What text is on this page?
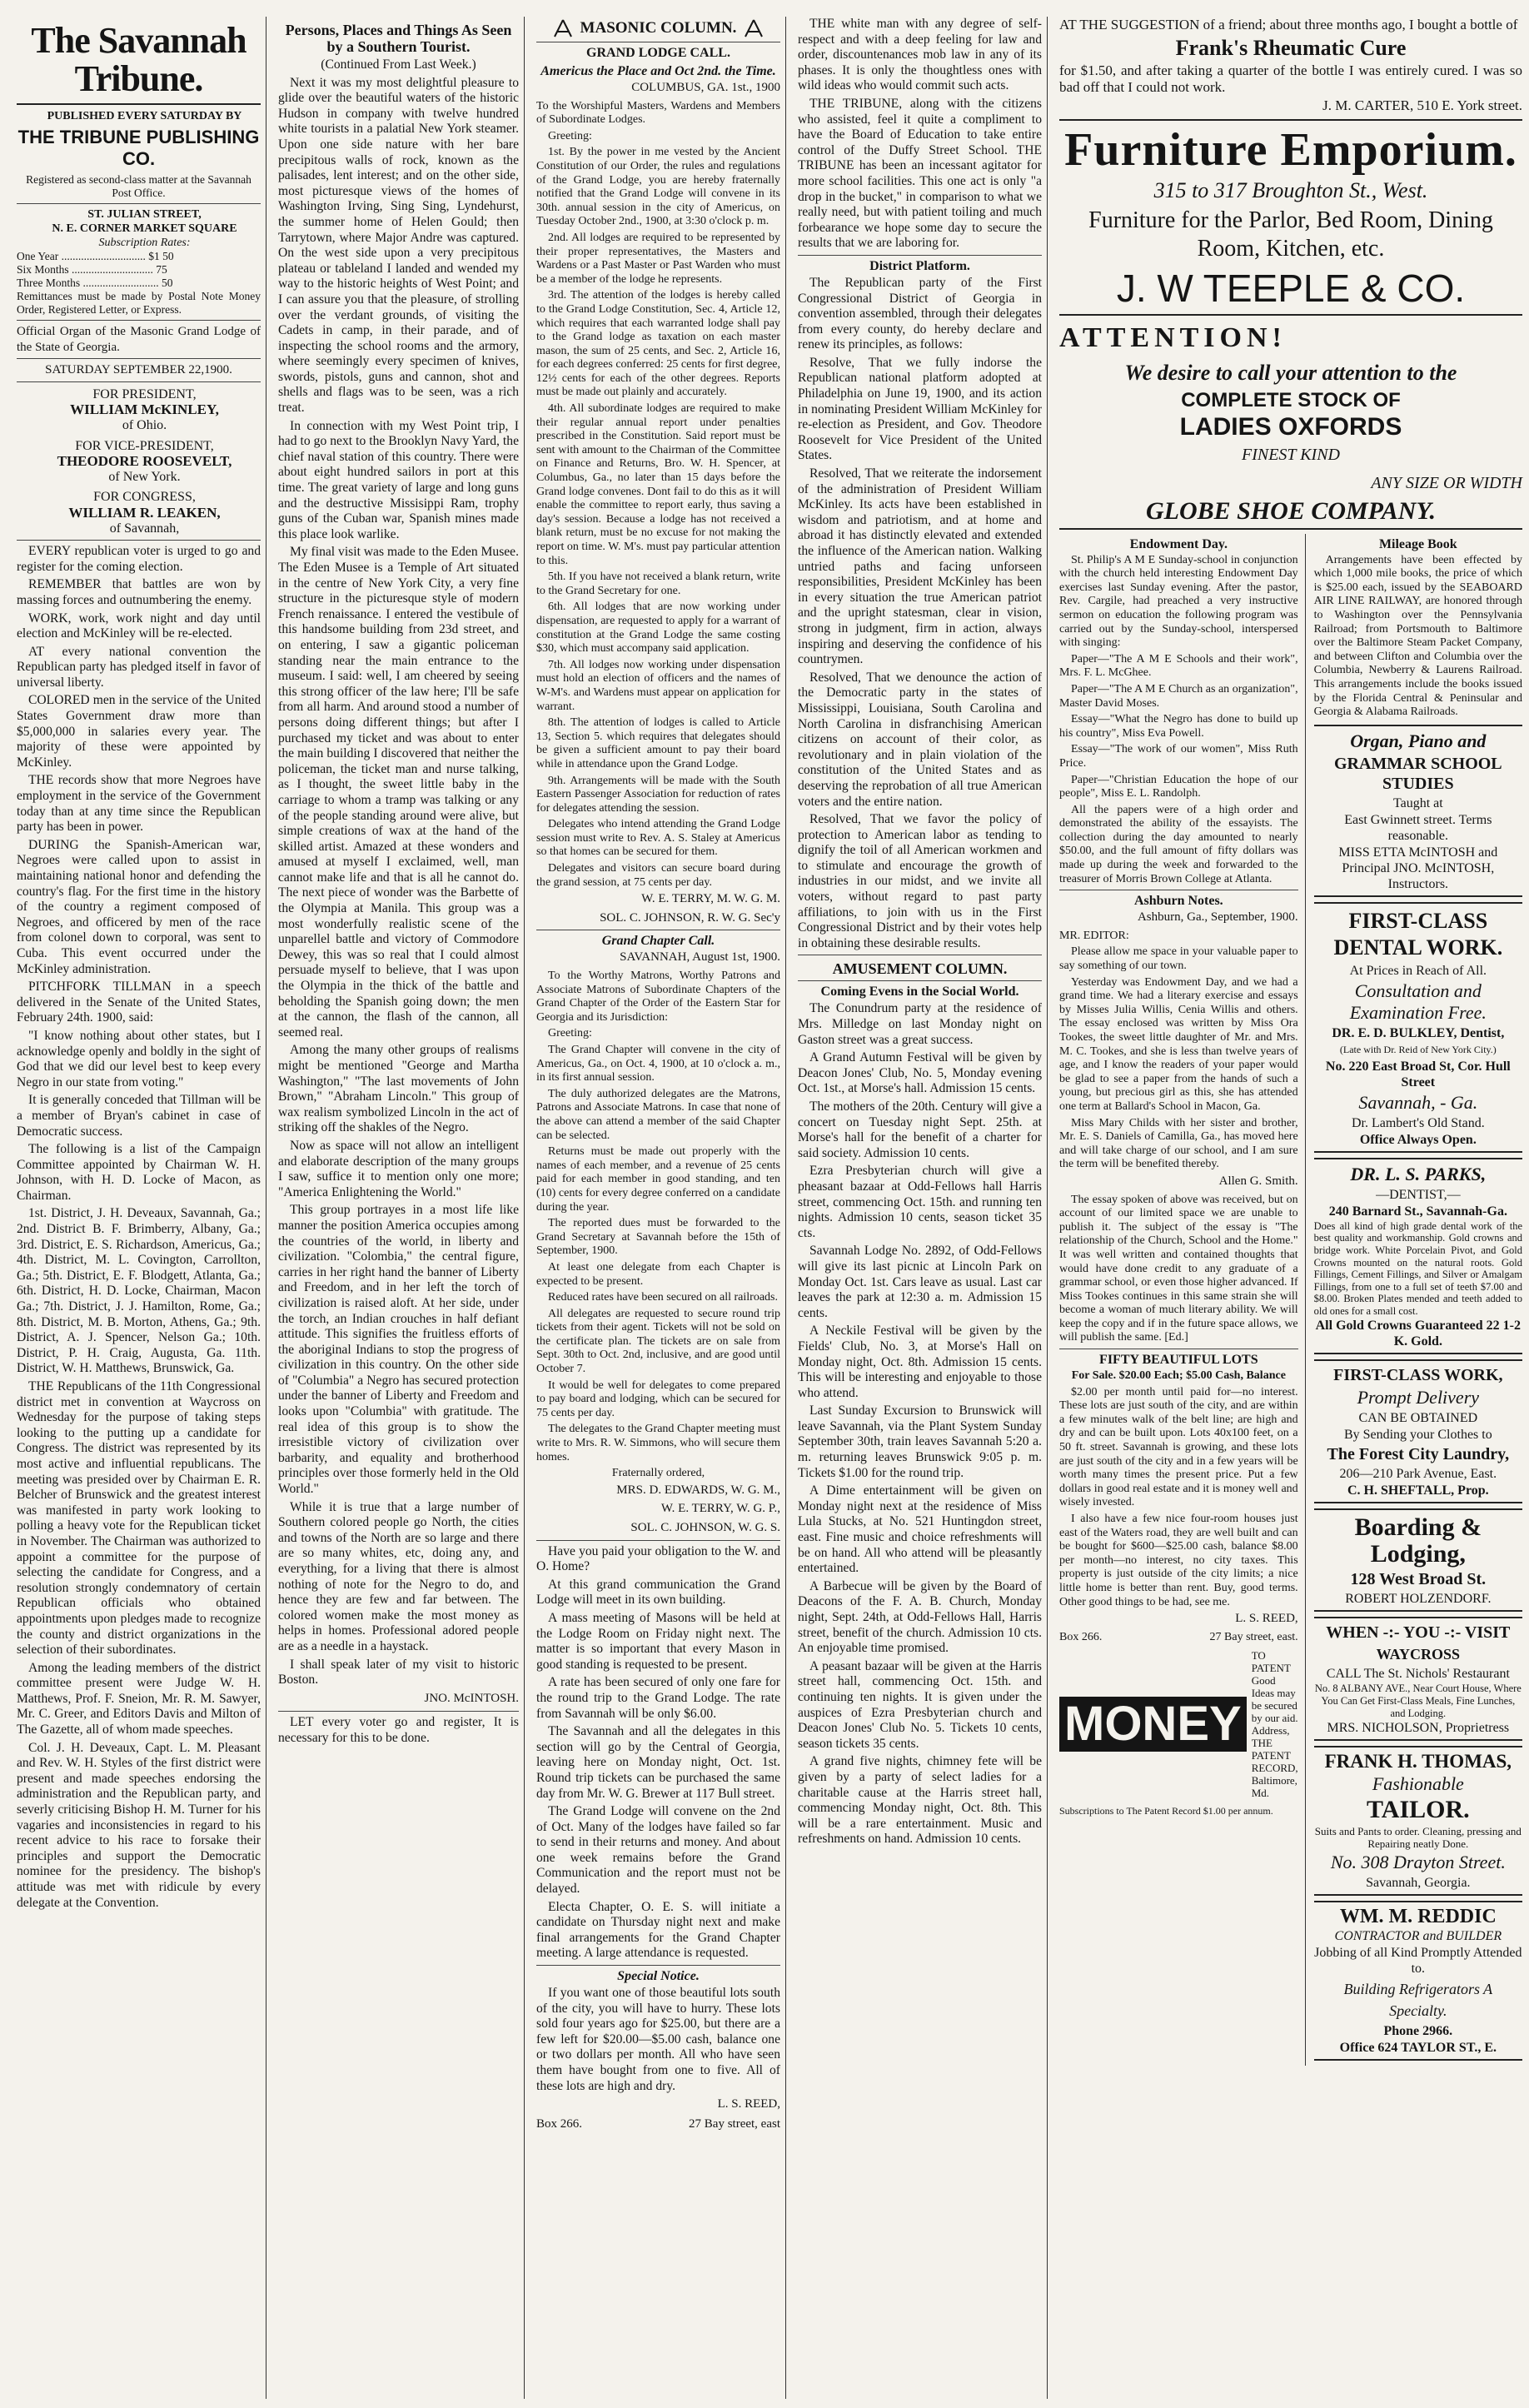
The Savannah Tribune.

PUBLISHED EVERY SATURDAY BY

THE TRIBUNE PUBLISHING CO.

Registered as second-class matter at the Savannah Post Office.

ST. JULIAN STREET,

N. E. CORNER MARKET SQUARE

Subscription Rates:

One Year .............................. $1 50

Six Months ............................. 75

Three Months ........................... 50

Remittances must be made by Postal Note Money Order, Registered Letter, or Express.

Official Organ of the Masonic Grand Lodge of the State of Georgia.

SATURDAY SEPTEMBER 22,1900.

FOR PRESIDENT,

WILLIAM McKINLEY,

of Ohio.

FOR VICE-PRESIDENT,

THEODORE ROOSEVELT,

of New York.

FOR CONGRESS,

WILLIAM R. LEAKEN,

of Savannah,

EVERY republican voter is urged to go and register for the coming election.

REMEMBER that battles are won by massing forces and outnumbering the enemy.

WORK, work, work night and day until election and McKinley will be re-elected.

AT every national convention the Republican party has pledged itself in favor of universal liberty.

COLORED men in the service of the United States Government draw more than $5,000,000 in salaries every year. The majority of these were appointed by McKinley.

THE records show that more Negroes have employment in the service of the Government today than at any time since the Republican party has been in power.

DURING the Spanish-American war, Negroes were called upon to assist in maintaining national honor and defending the country's flag. For the first time in the history of the country a regiment composed of Negroes, and officered by men of the race from colonel down to corporal, was sent to Cuba. This event occurred under the McKinley administration.

PITCHFORK TILLMAN in a speech delivered in the Senate of the United States, February 24th. 1900, said:

"I know nothing about other states, but I acknowledge openly and boldly in the sight of God that we did our level best to keep every Negro in our state from voting."

It is generally conceded that Tillman will be a member of Bryan's cabinet in case of Democratic success.

The following is a list of the Campaign Committee appointed by Chairman W. H. Johnson, with H. D. Locke of Macon, as Chairman.

1st. District, J. H. Deveaux, Savannah, Ga.; 2nd. District B. F. Brimberry, Albany, Ga.; 3rd. District, E. S. Richardson, Americus, Ga.; 4th. District, M. L. Covington, Carrollton, Ga.; 5th. District, E. F. Blodgett, Atlanta, Ga.; 6th. District, H. D. Locke, Chairman, Macon Ga.; 7th. District, J. J. Hamilton, Rome, Ga.; 8th. District, M. B. Morton, Athens, Ga.; 9th. District, A. J. Spencer, Nelson Ga.; 10th. District, P. H. Craig, Augusta, Ga. 11th. District, W. H. Matthews, Brunswick, Ga.

THE Republicans of the 11th Congressional district met in convention at Waycross on Wednesday for the purpose of taking steps looking to the putting up a candidate for Congress. The district was represented by its most active and influential republicans. The meeting was presided over by Chairman E. R. Belcher of Brunswick and the greatest interest was manifested in party work looking to polling a heavy vote for the Republican ticket in November. The Chairman was authorized to appoint a committee for the purpose of selecting the candidate for Congress, and a resolution strongly condemnatory of certain Republican officials who obtained appointments upon pledges made to recognize the county and district organizations in the selection of their subordinates.

Among the leading members of the district committee present were Judge W. H. Matthews, Prof. F. Sneion, Mr. R. M. Sawyer, Mr. C. Greer, and Editors Davis and Milton of The Gazette, all of whom made speeches.

Col. J. H. Deveaux, Capt. L. M. Pleasant and Rev. W. H. Styles of the first district were present and made speeches endorsing the administration and the Republican party, and severly criticising Bishop H. M. Turner for his vagaries and inconsistencies in regard to his recent advice to his race to forsake their principles and support the Democratic nominee for the presidency. The bishop's attitude was met with ridicule by every delegate at the Convention.

Persons, Places and Things As Seen by a Southern Tourist.

(Continued From Last Week.)

Next it was my most delightful pleasure to glide over the beautiful waters of the historic Hudson in company with twelve hundred white tourists in a palatial New York steamer. Upon one side nature with her bare precipitous walls of rock, known as the palisades, lent interest; and on the other side, most picturesque views of the homes of Washington Irving, Sing Sing, Lyndehurst, the summer home of Helen Gould; then Tarrytown, where Major Andre was captured. On the west side upon a very precipitous plateau or tableland I landed and wended my way to the historic heights of West Point; and I can assure you that the pleasure, of strolling over the verdant grounds, of visiting the Cadets in camp, in their parade, and of inspecting the school rooms and the armory, where seemingly every specimen of knives, swords, pistols, guns and cannon, shot and shells and flags was to be seen, was a rich treat.

In connection with my West Point trip, I had to go next to the Brooklyn Navy Yard, the chief naval station of this country. There were about eight hundred sailors in port at this time. The great variety of large and long guns and the destructive Missisippi Ram, trophy guns of the Cuban war, Spanish mines made this place look warlike.

My final visit was made to the Eden Musee. The Eden Musee is a Temple of Art situated in the centre of New York City, a very fine structure in the picturesque style of modern French renaissance. I entered the vestibule of this handsome building from 23d street, and on entering, I saw a gigantic policeman standing near the main entrance to the museum. I said: well, I am cheered by seeing this strong officer of the law here; I'll be safe from all harm. And around stood a number of persons doing different things; but after I purchased my ticket and was about to enter the main building I discovered that neither the policeman, the ticket man and nurse talking, as I thought, the sweet little baby in the carriage to whom a tramp was talking or any of the people standing around were alive, but simple creations of wax at the hand of the skilled artist. Amazed at these wonders and amused at myself I exclaimed, well, man cannot make life and that is all he cannot do. The next piece of wonder was the Barbette of the Olympia at Manila. This group was a most wonderfully realistic scene of the unparellel battle and victory of Commodore Dewey, this was so real that I could almost persuade myself to believe, that I was upon the Olympia in the thick of the battle and beholding the Spanish going down; the men at the cannon, the flash of the cannon, all seemed real.

Among the many other groups of realisms might be mentioned "George and Martha Washington," "The last movements of John Brown," "Abraham Lincoln." This group of wax realism symbolized Lincoln in the act of striking off the shakles of the Negro.

Now as space will not allow an intelligent and elaborate description of the many groups I saw, suffice it to mention only one more; "America Enlightening the World."

This group portrayes in a most life like manner the position America occupies among the countries of the world, in liberty and civilization. "Colombia," the central figure, carries in her right hand the banner of Liberty and Freedom, and in her left the torch of civilization is raised aloft. At her side, under the torch, an Indian crouches in half defiant attitude. This signifies the fruitless efforts of the aboriginal Indians to stop the progress of civilization in this country. On the other side of "Columbia" a Negro has secured protection under the banner of Liberty and Freedom and looks upon "Columbia" with gratitude. The real idea of this group is to show the irresistible victory of civilization over barbarity, and equality and brotherhood principles over those formerly held in the Old World."

While it is true that a large number of Southern colored people go North, the cities and towns of the North are so large and there are so many whites, etc, doing any, and everything, for a living that there is almost nothing of note for the Negro to do, and hence they are few and far between. The colored women make the most money as helps in homes. Professional adored people are as a needle in a haystack.

I shall speak later of my visit to historic Boston.

JNO. McINTOSH.

LET every voter go and register, It is necessary for this to be done.

MASONIC COLUMN.
GRAND LODGE CALL.
Americus the Place and Oct 2nd. the Time.

COLUMBUS, GA. 1st., 1900

To the Worshipful Masters, Wardens and Members of Subordinate Lodges.

Greeting:

1st. By the power in me vested by the Ancient Constitution of our Order, the rules and regulations of the Grand Lodge, you are hereby fraternally notified that the Grand Lodge will convene in its 30th. annual session in the city of Americus, on Tuesday October 2nd., 1900, at 3:30 o'clock p. m.

2nd. All lodges are required to be represented by their proper representatives, the Masters and Wardens or a Past Master or Past Warden who must be a member of the lodge he represents.

3rd. The attention of the lodges is hereby called to the Grand Lodge Constitution, Sec. 4, Article 12, which requires that each warranted lodge shall pay to the Grand lodge as taxation on each master mason, the sum of 25 cents, and Sec. 2, Article 16, for each degrees conferred: 25 cents for first degree, 12½ cents for each of the other degrees. Reports must be made out plainly and accurately.

4th. All subordinate lodges are required to make their regular annual report under penalties prescribed in the Constitution. Said report must be sent with amount to the Chairman of the Committee on Finance and Returns, Bro. W. H. Spencer, at Columbus, Ga., no later than 15 days before the Grand lodge convenes. Dont fail to do this as it will enable the committee to report early, thus saving a day's session. Because a lodge has not received a blank return, must be no excuse for not making the report on time. W. M's. must pay particular attention to this.

5th. If you have not received a blank return, write to the Grand Secretary for one.

6th. All lodges that are now working under dispensation, are requested to apply for a warrant of constitution at the Grand Lodge the same costing $30, which must accompany said application.

7th. All lodges now working under dispensation must hold an election of officers and the names of W-M's. and Wardens must appear on application for warrant.

8th. The attention of lodges is called to Article 13, Section 5. which requires that delegates should be given a sufficient amount to pay their board while in attendance upon the Grand Lodge.

9th. Arrangements will be made with the South Eastern Passenger Association for reduction of rates for delegates attending the session.

Delegates who intend attending the Grand Lodge session must write to Rev. A. S. Staley at Americus so that homes can be secured for them.

Delegates and visitors can secure board during the grand session, at 75 cents per day.

W. E. TERRY, M. W. G. M.

SOL. C. JOHNSON, R. W. G. Sec'y

Grand Chapter Call.

SAVANNAH, August 1st, 1900.

To the Worthy Matrons, Worthy Patrons and Associate Matrons of Subordinate Chapters of the Grand Chapter of the Order of the Eastern Star for Georgia and its Jurisdiction:

Greeting:

The Grand Chapter will convene in the city of Americus, Ga., on Oct. 4, 1900, at 10 o'clock a. m., in its first annual session.

The duly authorized delegates are the Matrons, Patrons and Associate Matrons. In case that none of the above can attend a member of the said Chapter can be selected.

Returns must be made out properly with the names of each member, and a revenue of 25 cents paid for each member in good standing, and ten (10) cents for every degree conferred on a candidate during the year.

The reported dues must be forwarded to the Grand Secretary at Savannah before the 15th of September, 1900.

At least one delegate from each Chapter is expected to be present.

Reduced rates have been secured on all railroads.

All delegates are requested to secure round trip tickets from their agent. Tickets will not be sold on the certificate plan. The tickets are on sale from Sept. 30th to Oct. 2nd, inclusive, and are good until October 7.

It would be well for delegates to come prepared to pay board and lodging, which can be secured for 75 cents per day.

The delegates to the Grand Chapter meeting must write to Mrs. R. W. Simmons, who will secure them homes.

Fraternally ordered,

MRS. D. EDWARDS, W. G. M.,

W. E. TERRY, W. G. P.,

SOL. C. JOHNSON, W. G. S.

Have you paid your obligation to the W. and O. Home?

At this grand communication the Grand Lodge will meet in its own building.

A mass meeting of Masons will be held at the Lodge Room on Friday night next. The matter is so important that every Mason in good standing is requested to be present.

A rate has been secured of only one fare for the round trip to the Grand Lodge. The rate from Savannah will be only $6.00.

The Savannah and all the delegates in this section will go by the Central of Georgia, leaving here on Monday night, Oct. 1st. Round trip tickets can be purchased the same day from Mr. W. G. Brewer at 117 Bull street.

The Grand Lodge will convene on the 2nd of Oct. Many of the lodges have failed so far to send in their returns and money. And about one week remains before the Grand Communication and the report must not be delayed.

Electa Chapter, O. E. S. will initiate a candidate on Thursday night next and make final arrangements for the Grand Chapter meeting. A large attendance is requested.

Special Notice.

If you want one of those beautiful lots south of the city, you will have to hurry. These lots sold four years ago for $25.00, but there are a few left for $20.00—$5.00 cash, balance one or two dollars per month. All who have seen them have bought from one to five. All of these lots are high and dry.

L. S. REED,

Box 266.	27 Bay street, east

THE white man with any degree of self-respect and with a deep feeling for law and order, discountenances mob law in any of its phases. It is only the thoughtless ones with wild ideas who would commit such acts.

THE TRIBUNE, along with the citizens who assisted, feel it quite a compliment to have the Board of Education to take entire control of the Duffy Street School. THE TRIBUNE has been an incessant agitator for more school facilities. This one act is only "a drop in the bucket," in comparison to what we really need, but with patient toiling and much forbearance we hope some day to secure the results that we are laboring for.

District Platform.

The Republican party of the First Congressional District of Georgia in convention assembled, through their delegates from every county, do hereby declare and renew its principles, as follows:

Resolve, That we fully indorse the Republican national platform adopted at Philadelphia on June 19, 1900, and its action in nominating President William McKinley for re-election as President, and Gov. Theodore Roosevelt for Vice President of the United States.

Resolved, That we reiterate the indorsement of the administration of President William McKinley. Its acts have been established in wisdom and patriotism, and at home and abroad it has distinctly elevated and extended the influence of the American nation. Walking untried paths and facing unforseen responsibilities, President McKinley has been in every situation the true American patriot and the upright statesman, clear in vision, strong in judgment, firm in action, always inspiring and deserving the confidence of his countrymen.

Resolved, That we denounce the action of the Democratic party in the states of Mississippi, Louisiana, South Carolina and North Carolina in disfranchising American citizens on account of their color, as revolutionary and in plain violation of the constitution of the United States and as deserving the reprobation of all true American voters and the entire nation.

Resolved, That we favor the policy of protection to American labor as tending to dignify the toil of all American workmen and to stimulate and encourage the growth of industries in our midst, and we invite all voters, without regard to past party affiliations, to join with us in the First Congressional District and by their votes help in obtaining these desirable results.

AMUSEMENT COLUMN.
Coming Evens in the Social World.

The Conundrum party at the residence of Mrs. Milledge on last Monday night on Gaston street was a great success.

A Grand Autumn Festival will be given by Deacon Jones' Club, No. 5, Monday evening Oct. 1st., at Morse's hall. Admission 15 cents.

The mothers of the 20th. Century will give a concert on Tuesday night Sept. 25th. at Morse's hall for the benefit of a charter for said society. Admission 10 cents.

Ezra Presbyterian church will give a pheasant bazaar at Odd-Fellows hall Harris street, commencing Oct. 15th. and running ten nights. Admission 10 cents, season ticket 35 cts.

Savannah Lodge No. 2892, of Odd-Fellows will give its last picnic at Lincoln Park on Monday Oct. 1st. Cars leave as usual. Last car leaves the park at 12:30 a. m. Admission 15 cents.

A Neckile Festival will be given by the Fields' Club, No. 3, at Morse's Hall on Monday night, Oct. 8th. Admission 15 cents. This will be interesting and enjoyable to those who attend.

Last Sunday Excursion to Brunswick will leave Savannah, via the Plant System Sunday September 30th, train leaves Savannah 5:20 a. m. returning leaves Brunswick 9:05 p. m. Tickets $1.00 for the round trip.

A Dime entertainment will be given on Monday night next at the residence of Miss Lula Stucks, at No. 521 Huntingdon street, east. Fine music and choice refreshments will be on hand. All who attend will be pleasantly entertained.

A Barbecue will be given by the Board of Deacons of the F. A. B. Church, Monday night, Sept. 24th, at Odd-Fellows Hall, Harris street, benefit of the church. Admission 10 cts. An enjoyable time promised.

A peasant bazaar will be given at the Harris street hall, commencing Oct. 15th. and continuing ten nights. It is given under the auspices of Ezra Presbyterian church and Deacon Jones' Club No. 5. Tickets 10 cents, season tickets 35 cents.

A grand five nights, chimney fete will be given by a party of select ladies for a charitable cause at the Harris street hall, commencing Monday night, Oct. 8th. This will be a rare entertainment. Music and refreshments on hand. Admission 10 cents.

AT THE SUGGESTION of a friend; about three months ago, I bought a bottle of

Frank's Rheumatic Cure

for $1.50, and after taking a quarter of the bottle I was entirely cured. I was so bad off that I could not work.

J. M. CARTER, 510 E. York street.

Furniture Emporium.
315 to 317 Broughton St., West.
Furniture for the Parlor, Bed Room, Dining Room, Kitchen, etc.
J. W TEEPLE & CO.
ATTENTION!
We desire to call your attention to the
COMPLETE STOCK OF
LADIES OXFORDS
FINEST KIND
ANY SIZE OR WIDTH
GLOBE SHOE COMPANY.
Endowment Day.

St. Philip's A M E Sunday-school in conjunction with the church held interesting Endowment Day exercises last Sunday evening. After the pastor, Rev. Cargile, had preached a very instructive sermon on education the following program was carried out by the Sunday-school, interspersed with singing:

Paper—"The A M E Schools and their work", Mrs. F. L. McGhee.

Paper—"The A M E Church as an organization", Master David Moses.

Essay—"What the Negro has done to build up his country", Miss Eva Powell.

Essay—"The work of our women", Miss Ruth Price.

Paper—"Christian Education the hope of our people", Miss E. L. Randolph.

All the papers were of a high order and demonstrated the ability of the essayists. The collection during the day amounted to nearly $50.00, and the full amount of fifty dollars was made up during the week and forwarded to the treasurer of Morris Brown College at Atlanta.

Ashburn Notes.

Ashburn, Ga., September, 1900.

MR. EDITOR:

Please allow me space in your valuable paper to say something of our town.

Yesterday was Endowment Day, and we had a grand time. We had a literary exercise and essays by Misses Julia Willis, Cenia Willis and others. The essay enclosed was written by Miss Ora Tookes, the sweet little daughter of Mr. and Mrs. M. C. Tookes, and she is less than twelve years of age, and I know the readers of your paper would be glad to see a paper from the hands of such a young, but precious girl as this, she has attended one term at Ballard's School in Macon, Ga.

Miss Mary Childs with her sister and brother, Mr. E. S. Daniels of Camilla, Ga., has moved here and will take charge of our school, and I am sure the term will be benefited thereby.

Allen G. Smith.

The essay spoken of above was received, but on account of our limited space we are unable to publish it. The subject of the essay is "The relationship of the Church, School and the Home." It was well written and contained thoughts that would have done credit to any graduate of a grammar school, or even those higher advanced. If Miss Tookes continues in this same strain she will become a woman of much literary ability. We will keep the copy and if in the future space allows, we will publish the same. [Ed.]

FIFTY BEAUTIFUL LOTS

For Sale. $20.00 Each; $5.00 Cash, Balance

$2.00 per month until paid for—no interest. These lots are just south of the city, and are within a few minutes walk of the belt line; are high and dry and can be built upon. Lots 40x100 feet, on a 50 ft. street. Savannah is growing, and these lots are just south of the city and in a few years will be worth many times the present price. Put a few dollars in good real estate and it is money well and wisely invested.

I also have a few nice four-room houses just east of the Waters road, they are well built and can be bought for $600—$25.00 cash, balance $8.00 per month—no interest, no city taxes. This property is just outside of the city limits; a nice little home is better than rent. Buy, good terms. Other good things to be had, see me.

L. S. REED,

Box 266.	27 Bay street, east.
MONEY
TO PATENT Good Ideas may be secured by our aid. Address, THE PATENT RECORD, Baltimore, Md.

Subscriptions to The Patent Record $1.00 per annum.

Mileage Book

Arrangements have been effected by which 1,000 mile books, the price of which is $25.00 each, issued by the SEABOARD AIR LINE RAILWAY, are honored through to Washington over the Pennsylvania Railroad; from Portsmouth to Baltimore over the Baltimore Steam Packet Company, and between Clifton and Columbia over the Columbia, Newberry & Laurens Railroad. This arrangements include the books issued by the Florida Central & Peninsular and Georgia & Alabama Railroads.

Organ, Piano and
GRAMMAR SCHOOL STUDIES
Taught at
East Gwinnett street. Terms reasonable.
MISS ETTA McINTOSH and Principal JNO. McINTOSH, Instructors.
FIRST-CLASS DENTAL WORK.
At Prices in Reach of All.
Consultation and Examination Free.
DR. E. D. BULKLEY, Dentist,
(Late with Dr. Reid of New York City.)
No. 220 East Broad St, Cor. Hull Street
Savannah, - Ga.
Dr. Lambert's Old Stand.
Office Always Open.
DR. L. S. PARKS,
—DENTIST,—
240 Barnard St., Savannah-Ga.
Does all kind of high grade dental work of the best quality and workmanship. Gold crowns and bridge work. White Porcelain Pivot, and Gold Crowns mounted on the natural roots. Gold Fillings, Cement Fillings, and Silver or Amalgam Fillings, from one to a full set of teeth $7.00 and $8.00. Broken Plates mended and teeth added to old ones for a small cost.
All Gold Crowns Guaranteed 22 1-2 K. Gold.
FIRST-CLASS WORK,
Prompt Delivery
CAN BE OBTAINED
By Sending your Clothes to
The Forest City Laundry,
206—210 Park Avenue, East.
C. H. SHEFTALL, Prop.
Boarding & Lodging,
128 West Broad St.
ROBERT HOLZENDORF.
WHEN -:- YOU -:- VISIT
WAYCROSS
CALL The St. Nichols' Restaurant
No. 8 ALBANY AVE., Near Court House, Where You Can Get First-Class Meals, Fine Lunches, and Lodging.
MRS. NICHOLSON, Proprietress
FRANK H. THOMAS,
Fashionable
TAILOR.
Suits and Pants to order. Cleaning, pressing and Repairing neatly Done.
No. 308 Drayton Street.
Savannah, Georgia.
WM. M. REDDIC
CONTRACTOR and BUILDER
Jobbing of all Kind Promptly Attended to.
Building Refrigerators A Specialty.
Phone 2966.
Office 624 TAYLOR ST., E.
